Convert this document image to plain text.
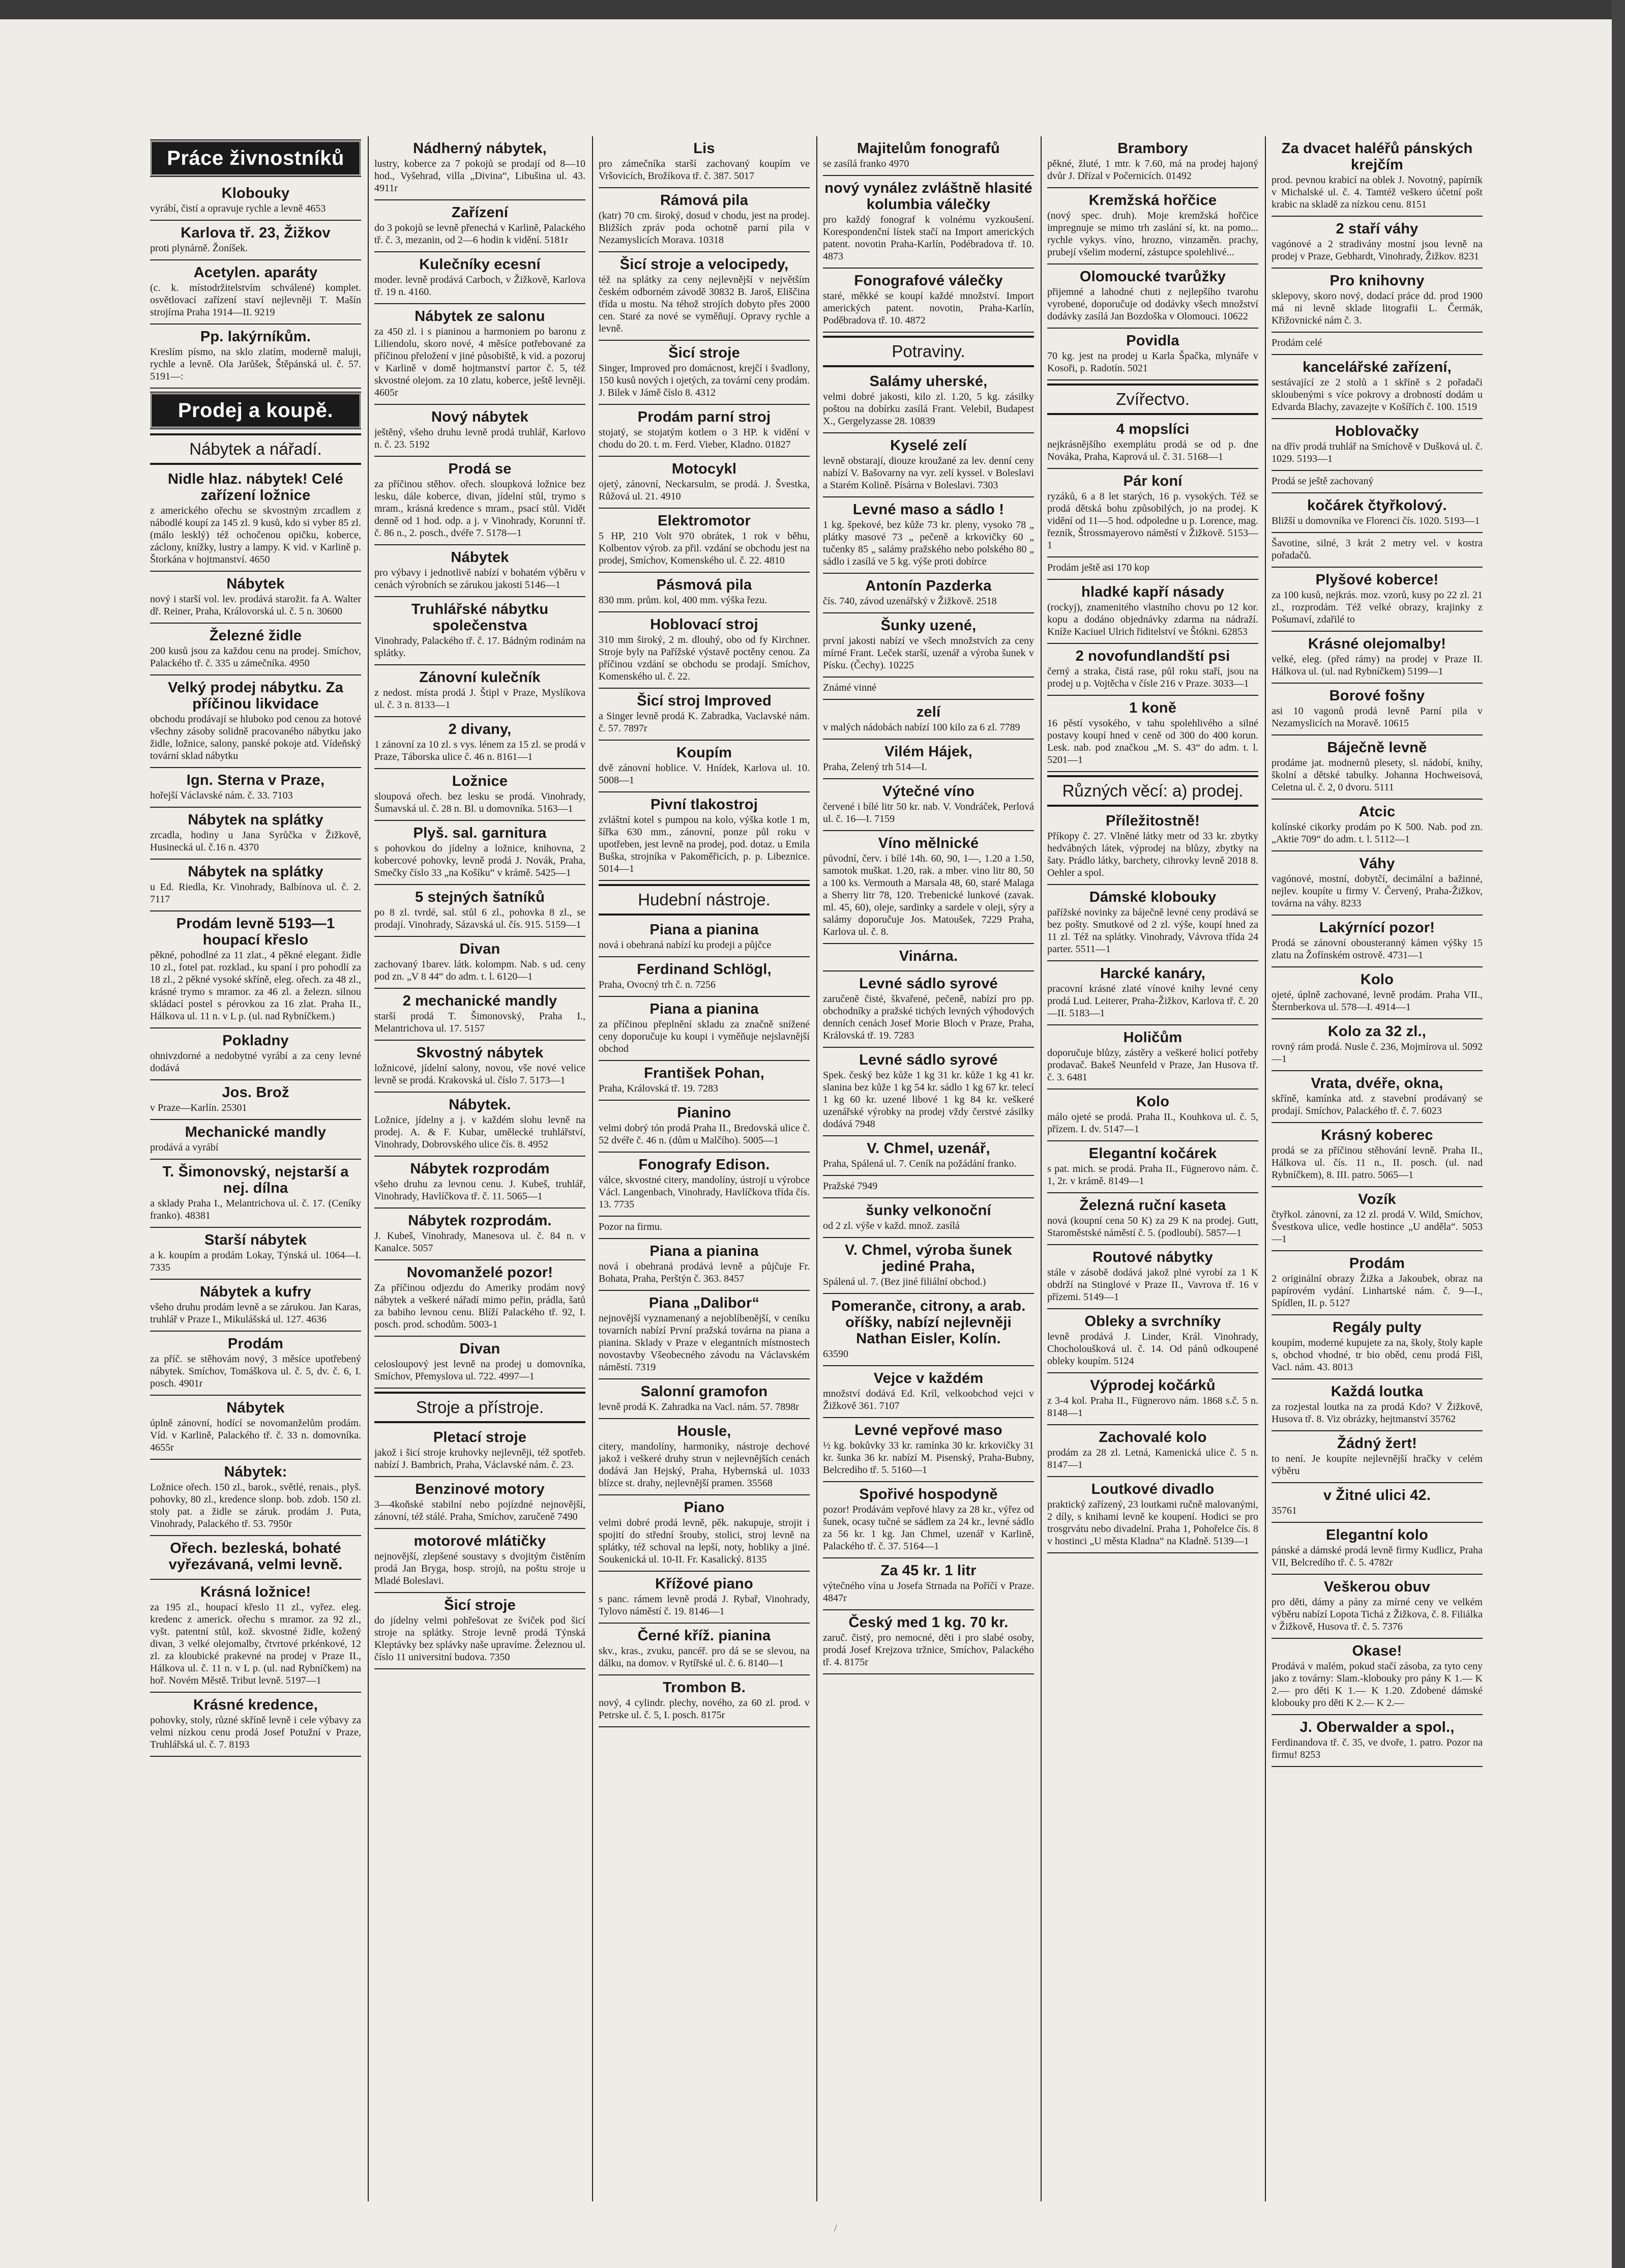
Práce živnostníků
Klobouky

vyrábí, čistí a opravuje rychle a levně 4653

Karlova tř. 23, Žižkov

proti plynárně. Žoníšek.

Acetylen. aparáty

(c. k. místodržitelstvím schválené) komplet. osvětlovací zařízení staví nejlevněji T. Mašín strojírna Praha 1914—II. 9219

Pp. lakýrníkům.

Kreslím písmo, na sklo zlatím, moderně maluji, rychle a levně. Ola Jarůšek, Štěpánská ul. č. 57. 5191—:

Prodej a koupě.
Nábytek a nářadí.
Nidle hlaz. nábytek! Celé zařízení ložnice

z amerického ořechu se skvostným zrcadlem z nábodlé koupí za 145 zl. 9 kusů, kdo si vyber 85 zl. (málo lesklý) též ochočenou opičku, koberce, záclony, knížky, lustry a lampy. K vid. v Karlině p. Štorkána v hojtmanství. 4650

Nábytek

nový i starší vol. lev. prodává starožit. fa A. Walter dř. Reiner, Praha, Královorská ul. č. 5 n. 30600

Železné židle

200 kusů jsou za každou cenu na prodej. Smíchov, Palackého tř. č. 335 u zámečníka. 4950

Velký prodej nábytku. Za příčinou likvidace

obchodu prodávají se hluboko pod cenou za hotové všechny zásoby solidně pracovaného nábytku jako židle, ložnice, salony, panské pokoje atd. Vídeňský tovární sklad nábytku

Ign. Sterna v Praze,

hořejší Václavské nám. č. 33. 7103

Nábytek na splátky

zrcadla, hodiny u Jana Syrůčka v Žižkově, Husinecká ul. č.16 n. 4370

Nábytek na splátky

u Ed. Riedla, Kr. Vinohrady, Balbínova ul. č. 2. 7117

Prodám levně 5193—1 houpací křeslo

pěkné, pohodlné za 11 zlat., 4 pěkné elegant. židle 10 zl., fotel pat. rozklad., ku spaní i pro pohodlí za 18 zl., 2 pěkné vysoké skříně, eleg. ořech. za 48 zl., krásné trymo s mramor. za 46 zl. a železn. silnou skládací postel s pérovkou za 16 zlat. Praha II., Hálkova ul. 11 n. v L p. (ul. nad Rybníčkem.)

Pokladny

ohnivzdorné a nedobytné vyrábí a za ceny levné dodává

Jos. Brož

v Praze—Karlín. 25301

Mechanické mandly

prodává a vyrábí

T. Šimonovský, nejstarší a nej. dílna

a sklady Praha I., Melantrichova ul. č. 17. (Ceníky franko). 48381

Starší nábytek

a k. koupím a prodám Lokay, Týnská ul. 1064—I. 7335

Nábytek a kufry

všeho druhu prodám levně a se zárukou. Jan Karas, truhlář v Praze I., Mikulášská ul. 127. 4636

Prodám

za příč. se stěhovám nový, 3 měsíce upotřebený nábytek. Smíchov, Tomáškova ul. č. 5, dv. č. 6, I. posch. 4901r

Nábytek

úplně zánovní, hodící se novomanželům prodám. Víd. v Karlině, Palackého tř. č. 33 n. domovníka. 4655r

Nábytek:

Ložnice ořech. 150 zl., barok., světlé, renais., plyš. pohovky, 80 zl., kredence slonp. bob. zdob. 150 zl. stoly pat. a židle se záruk. prodám J. Puta, Vinohrady, Palackého tř. 53. 7950r

Ořech. bezleská, bohaté vyřezávaná, velmi levně.
Krásná ložnice!

za 195 zl., houpací křeslo 11 zl., vyřez. eleg. kredenc z americk. ořechu s mramor. za 92 zl., vyšt. patentní stůl, kož. skvostné židle, kožený divan, 3 velké olejomalby, čtvrtové prkénkové, 12 zl. za kloubické prakevné na prodej v Praze II., Hálkova ul. č. 11 n. v L p. (ul. nad Rybníčkem) na hoř. Novém Městě. Tribut levně. 5197—1

Krásné kredence,

pohovky, stoly, různé skříně levně i cele výbavy za velmi nízkou cenu prodá Josef Potužní v Praze, Truhlářská ul. č. 7. 8193

Nádherný nábytek,

lustry, koberce za 7 pokojů se prodají od 8—10 hod., Vyšehrad, villa „Divina“, Libušina ul. 43. 4911r

Zařízení

do 3 pokojů se levně přenechá v Karlině, Palackého tř. č. 3, mezanin, od 2—6 hodin k vidění. 5181r

Kulečníky ecesní

moder. levně prodává Carboch, v Žižkově, Karlova tř. 19 n. 4160.

Nábytek ze salonu

za 450 zl. i s pianinou a harmoniem po baronu z Liliendolu, skoro nové, 4 měsíce potřebované za příčinou přeložení v jiné působiště, k vid. a pozoruj v Karlině v domě hojtmanství partor č. 5, též skvostné olejom. za 10 zlatu, koberce, ještě levněji. 4605r

Nový nábytek

ještěný, všeho druhu levně prodá truhlář, Karlovo n. č. 23. 5192

Prodá se

za příčinou stěhov. ořech. sloupková ložnice bez lesku, dále koberce, divan, jídelní stůl, trymo s mram., krásná kredence s mram., psací stůl. Vidět denně od 1 hod. odp. a j. v Vinohrady, Korunní tř. č. 86 n., 2. posch., dvéře 7. 5178—1

Nábytek

pro výbavy i jednotlivě nabízí v bohatém výběru v cenách výrobních se zárukou jakosti 5146—1

Truhlářské nábytku společenstva

Vinohrady, Palackého tř. č. 17. Bádným rodinám na splátky.

Zánovní kulečník

z nedost. místa prodá J. Štipl v Praze, Myslíkova ul. č. 3 n. 8133—1

2 divany,

1 zánovní za 10 zl. s vys. lénem za 15 zl. se prodá v Praze, Táborska ulice č. 46 n. 8161—1

Ložnice

sloupová ořech. bez lesku se prodá. Vinohrady, Šumavská ul. č. 28 n. Bl. u domovníka. 5163—1

Plyš. sal. garnitura

s pohovkou do jídelny a ložnice, knihovna, 2 kobercové pohovky, levně prodá J. Novák, Praha, Smečky číslo 33 „na Košíku“ v krámě. 5425—1

5 stejných šatníků

po 8 zl. tvrdé, sal. stůl 6 zl., pohovka 8 zl., se prodají. Vinohrady, Sázavská ul. čís. 915. 5159—1

Divan

zachovaný 1barev. látk. kolompm. Nab. s ud. ceny pod zn. „V 8 44“ do adm. t. l. 6120—1

2 mechanické mandly

starší prodá T. Šimonovský, Praha I., Melantrichova ul. 17. 5157

Skvostný nábytek

ložnicové, jídelní salony, novou, vše nové velice levně se prodá. Krakovská ul. číslo 7. 5173—1

Nábytek.

Ložnice, jídelny a j. v každém slohu levně na prodej. A. & F. Kubar, umělecké truhlářství, Vinohrady, Dobrovského ulice čís. 8. 4952

Nábytek rozprodám

všeho druhu za levnou cenu. J. Kubeš, truhlář, Vinohrady, Havlíčkova tř. č. 11. 5065—1

Nábytek rozprodám.

J. Kubeš, Vinohrady, Manesova ul. č. 84 n. v Kanalce. 5057

Novomanželé pozor!

Za příčinou odjezdu do Ameriky prodám nový nábytek a veškeré nářadí mimo peřin, prádla, šatů za babiho levnou cenu. Blíží Palackého tř. 92, I. posch. prod. schodům. 5003-1

Divan

celosloupový jest levně na prodej u domovníka, Smíchov, Přemyslova ul. 722. 4997—1

Stroje a přístroje.
Pletací stroje

jakož i šicí stroje kruhovky nejlevněji, též spotřeb. nabízí J. Bambrich, Praha, Václavské nám. č. 23.

Benzinové motory

3—4koňské stabilní nebo pojízdné nejnovější, zánovní, též stálé. Praha, Smíchov, zaručeně 7490

motorové mlátičky

nejnovější, zlepšené soustavy s dvojitým čistěním prodá Jan Bryga, hosp. strojů, na poštu stroje u Mladé Boleslavi.

Šicí stroje

do jídelny velmi pohřešovat ze šviček pod šicí stroje na splátky. Stroje levně prodá Týnská Kleptávky bez splávky naše upravíme. Železnou ul. číslo 11 universitní budova. 7350

Lis

pro zámečníka starší zachovaný koupím ve Vršovicích, Brožíkova tř. č. 387. 5017

Rámová pila

(katr) 70 cm. široký, dosud v chodu, jest na prodej. Bližších zpráv poda ochotně parní pila v Nezamyslicích Morava. 10318

Šicí stroje a velocipedy,

též na splátky za ceny nejlevnější v největším českém odborném závodě 30832 B. Jaroš, Eliščina třída u mostu. Na téhož strojích dobyto přes 2000 cen. Staré za nové se vyměňují. Opravy rychle a levně.

Šicí stroje

Singer, Improved pro domácnost, krejčí i švadlony, 150 kusů nových i ojetých, za tovární ceny prodám. J. Bilek v Jámě číslo 8. 4312

Prodám parní stroj

stojatý, se stojatým kotlem o 3 HP. k vidění v chodu do 20. t. m. Ferd. Vieber, Kladno. 01827

Motocykl

ojetý, zánovní, Neckarsulm, se prodá. J. Švestka, Růžová ul. 21. 4910

Elektromotor

5 HP, 210 Volt 970 obrátek, 1 rok v běhu, Kolbentov výrob. za přil. vzdání se obchodu jest na prodej, Smíchov, Komenského ul. č. 22. 4810

Pásmová pila

830 mm. prům. kol, 400 mm. výška řezu.

Hoblovací stroj

310 mm široký, 2 m. dlouhý, obo od fy Kirchner. Stroje byly na Pařížské výstavě poctěny cenou. Za příčinou vzdání se obchodu se prodají. Smíchov, Komenského ul. č. 22.

Šicí stroj Improved

a Singer levně prodá K. Zabradka, Vaclavské nám. č. 57. 7897r

Koupím

dvě zánovní hoblice. V. Hnídek, Karlova ul. 10. 5008—1

Pivní tlakostroj

zvláštní kotel s pumpou na kolo, výška kotle 1 m, šířka 630 mm., zánovní, ponze půl roku v upotřeben, jest levně na prodej, pod. dotaz. u Emila Buška, strojníka v Pakoměřicích, p. p. Libeznice. 5014—1

Hudební nástroje.
Piana a pianina

nová i obehraná nabízí ku prodeji a půjčce

Ferdinand Schlögl,

Praha, Ovocný trh č. n. 7256

Piana a pianina

za příčinou přeplnění skladu za značně snížené ceny doporučuje ku koupi i vyměňuje nejslavnější obchod

František Pohan,

Praha, Královská tř. 19. 7283

Pianino

velmi dobrý tón prodá Praha II., Bredovská ulice č. 52 dvéře č. 46 n. (dům u Malčího). 5005—1

Fonografy Edison.

válce, skvostné citery, mandolíny, ústrojí u výrobce Václ. Langenbach, Vinohrady, Havlíčkova třída čís. 13. 7735

Pozor na firmu.

Piana a pianina

nová i obehraná prodává levně a půjčuje Fr. Bohata, Praha, Perštýn č. 363. 8457

Piana „Dalibor“

nejnovější vyznamenaný a nejoblíbenější, v ceníku tovarních nabízí První pražská továrna na piana a pianina. Sklady v Praze v elegantních místnostech novostavby Všeobecného závodu na Václavském náměstí. 7319

Salonní gramofon

levně prodá K. Zahradka na Vacl. nám. 57. 7898r

Housle,

citery, mandolíny, harmoniky, nástroje dechové jakož i veškeré druhy strun v nejlevnějších cenách dodává Jan Hejský, Praha, Hybernská ul. 1033 blízce st. drahy, nejlevnější pramen. 35568

Piano

velmi dobré prodá levně, pěk. nakupuje, strojit i spojití do střední šrouby, stolici, stroj levně na splátky, též schoval na lepší, noty, hobliky a jiné. Soukenická ul. 10-II. Fr. Kasalický. 8135

Křížové piano

s panc. rámem levně prodá J. Rybař, Vinohrady, Tylovo náměstí č. 19. 8146—1

Černé kříž. pianina

skv., kras., zvuku, pancéř. pro dá se se slevou, na dálku, na domov. v Rytířské ul. č. 6. 8140—1

Trombon B.

nový, 4 cylindr. plechy, nového, za 60 zl. prod. v Petrske ul. č. 5, I. posch. 8175r

Majitelům fonografů

se zasílá franko 4970

nový vynález zvláštně hlasité kolumbia válečky

pro každý fonograf k volnému vyzkoušení. Korespondenční lístek stačí na Import amerických patent. novotin Praha-Karlín, Podébradova tř. 10. 4873

Fonografové válečky

staré, měkké se koupí každé množství. Import amerických patent. novotin, Praha-Karlín, Poděbradova tř. 10. 4872

Potraviny.
Salámy uherské,

velmi dobré jakosti, kilo zl. 1.20, 5 kg. zásilky poštou na dobírku zasílá Frant. Velebil, Budapest X., Gergelyzasse 28. 10839

Kyselé zelí

levně obstarají, diouze kroužané za lev. denní ceny nabízí V. Bašovarny na vyr. zelí kyssel. v Boleslavi a Starém Kolině. Písárna v Boleslavi. 7303

Levné maso a sádlo !

1 kg. špekové, bez kůže 73 kr. pleny, vysoko 78 „ plátky masové 73 „ pečeně a krkovičky 60 „ tučenky 85 „ salámy pražského nebo polského 80 „ sádlo i zasílá ve 5 kg. výše proti dobírce

Antonín Pazderka

čís. 740, závod uzenářský v Žižkově. 2518

Šunky uzené,

první jakosti nabízí ve všech množstvích za ceny mírné Frant. Leček starší, uzenář a výroba šunek v Písku. (Čechy). 10225

Známé vinné

zelí

v malých nádobách nabízí 100 kilo za 6 zl. 7789

Vilém Hájek,

Praha, Zelený trh 514—I.

Výtečné víno

červené i bílé litr 50 kr. nab. V. Vondráček, Perlová ul. č. 16—I. 7159

Víno mělnické

původní, červ. i bílé 14h. 60, 90, 1—, 1.20 a 1.50, samotok muškat. 1.20, rak. a mber. vino litr 80, 50 a 100 ks. Vermouth a Marsala 48, 60, staré Malaga a Sherry litr 78, 120. Trebenické lunkové (zavak. ml. 45, 60), oleje, sardinky a sardele v oleji, sýry a salámy doporučuje Jos. Matoušek, 7229 Praha, Karlova ul. č. 8.

Vinárna.
Levné sádlo syrové

zaručeně čisté, škvařené, pečeně, nabízí pro pp. obchodníky a pražské tichých levných výhodových denních cenách Josef Morie Bloch v Praze, Praha, Královská tř. 19. 7283

Levné sádlo syrové

Spek. český bez kůže 1 kg 31 kr. kůže 1 kg 41 kr. slanina bez kůže 1 kg 54 kr. sádlo 1 kg 67 kr. telecí 1 kg 60 kr. uzené libové 1 kg 84 kr. veškeré uzenářské výrobky na prodej vždy čerstvé zásilky dodává 7948

V. Chmel, uzenář,

Praha, Spálená ul. 7. Ceník na požádání franko.

Pražské 7949

šunky velkonoční

od 2 zl. výše v každ. množ. zasílá

V. Chmel, výroba šunek jediné Praha,

Spálená ul. 7. (Bez jiné filiální obchod.)

Pomeranče, citrony, a arab. oříšky, nabízí nejlevněji Nathan Eisler, Kolín.

63590

Vejce v každém

množství dodává Ed. Kríl, velkoobchod vejci v Žižkově 361. 7107

Levné vepřové maso

½ kg. bokůvky 33 kr. ramínka 30 kr. krkovičky 31 kr. šunka 36 kr. nabízí M. Pisenský, Praha-Bubny, Belcrediho tř. 5. 5160—1

Spořivé hospodyně

pozor! Prodávám vepřové hlavy za 28 kr., výřez od šunek, ocasy tučné se sádlem za 24 kr., levné sádlo za 56 kr. 1 kg. Jan Chmel, uzenář v Karlině, Palackého tř. č. 37. 5164—1

Za 45 kr. 1 litr

výtečného vína u Josefa Strnada na Poříčí v Praze. 4847r

Český med 1 kg. 70 kr.

zaruč. čistý, pro nemocné, děti i pro slabé osoby, prodá Josef Krejzova tržnice, Smíchov, Palackého tř. 4. 8175r

Brambory

pěkné, žluté, 1 mtr. k 7.60, má na prodej hajoný dvůr J. Dřízal v Počernicích. 01492

Kremžská hořčice

(nový spec. druh). Moje kremžská hořčice impregnuje se mimo trh zaslání sí, kt. na pomo... rychle vykys. víno, hrozno, vinzaměn. prachy, prubejí všelim moderní, zástupce spolehlivé...

Olomoucké tvarůžky

přijemné a lahodné chuti z nejlepšího tvarohu vyrobené, doporučuje od dodávky všech množství dodávky zasílá Jan Bozdoška v Olomouci. 10622

Povidla

70 kg. jest na prodej u Karla Špačka, mlynáře v Kosoři, p. Radotín. 5021

Zvířectvo.
4 mopslíci

nejkrásnějšího exemplátu prodá se od p. dne Nováka, Praha, Kaprová ul. č. 31. 5168—1

Pár koní

ryzáků, 6 a 8 let starých, 16 p. vysokých. Též se prodá dětská bohu způsobilých, jo na prodej. K vidění od 11—5 hod. odpoledne u p. Lorence, mag. řezník, Štrossmayerovo náměstí v Žižkově. 5153—1

Prodám ještě asi 170 kop

hladké kapří násady

(rockyj), znamenitého vlastního chovu po 12 kor. kopu a dodáno objednávky zdarma na nádraží. Kníže Kaciuel Ulrich řiditelství ve Štókni. 62853

2 novofundlandští psi

černý a straka, čistá rase, půl roku staří, jsou na prodej u p. Vojtěcha v čísle 216 v Praze. 3033—1

1 koně

16 pěstí vysokého, v tahu spolehlivého a silné postavy koupí hned v ceně od 300 do 400 korun. Lesk. nab. pod značkou „M. S. 43“ do adm. t. l. 5201—1

Různých věcí: a) prodej.
Příležitostně!

Příkopy č. 27. Vlněné látky metr od 33 kr. zbytky hedvábných látek, výprodej na blůzy, zbytky na šaty. Prádlo látky, barchety, cihrovky levně 2018 8. Oehler a spol.

Dámské klobouky

pařížské novinky za báječně levné ceny prodává se bez pošty. Smutkové od 2 zl. výše, koupí hned za 11 zl. Též na splátky. Vinohrady, Vávrova třída 24 parter. 5511—1

Harcké kanáry,

pracovní krásné zlaté vínové knihy levné ceny prodá Lud. Leiterer, Praha-Žižkov, Karlova tř. č. 20—II. 5183—1

Holičům

doporučuje blůzy, zástěry a veškeré holicí potřeby prodavač. Bakeš Neunfeld v Praze, Jan Husova tř. č. 3. 6481

Kolo

málo ojeté se prodá. Praha II., Kouhkova ul. č. 5, přízem. I. dv. 5147—1

Elegantní kočárek

s pat. mich. se prodá. Praha II., Fügnerovo nám. č. 1, 2r. v krámě. 8149—1

Železná ruční kaseta

nová (koupní cena 50 K) za 29 K na prodej. Gutt, Staroměstské náměstí č. 5. (podloubí). 5857—1

Routové nábytky

stále v zásobě dodává jakož plné vyrobí za 1 K obdrží na Stinglové v Praze II., Vavrova tř. 16 v přízemi. 5149—1

Obleky a svrchníky

levně prodává J. Linder, Král. Vinohrady, Chocholoušková ul. č. 14. Od pánů odkoupené obleky koupím. 5124

Výprodej kočárků

z 3-4 kol. Praha II., Fügnerovo nám. 1868 s.č. 5 n. 8148—1

Zachovalé kolo

prodám za 28 zl. Letná, Kamenická ulice č. 5 n. 8147—1

Loutkové divadlo

praktický zařízený, 23 loutkami ručně malovanými, 2 díly, s knihami levně ke koupení. Hodici se pro trosgrvátu nebo divadelní. Praha 1, Pohořelce čís. 8 v hostinci „U města Kladna“ na Kladně. 5139—1

Za dvacet haléřů pánských krejčím

prod. pevnou krabicí na oblek J. Novotný, papírník v Michalské ul. č. 4. Tamtéž veškero účetní pošt krabic na skladě za nízkou cenu. 8151

2 staří váhy

vagónové a 2 stradivány mostní jsou levně na prodej v Praze, Gebhardt, Vinohrady, Žižkov. 8231

Pro knihovny

sklepovy, skoro nový, dodací práce dd. prod 1900 má ni levně sklade litografii L. Čermák, Křižovnické nám č. 3.

Prodám celé

kancelářské zařízení,

sestávající ze 2 stolů a 1 skříně s 2 pořadači skloubenými s více pokrovy a drobností dodám u Edvarda Blachy, zavazejte v Košířích č. 100. 1519

Hoblovačky

na dřív prodá truhlář na Smíchově v Dušková ul. č. 1029. 5193—1

Prodá se ještě zachovaný

kočárek čtyřkolový.

Bližší u domovníka ve Florenci čís. 1020. 5193—1

Šavotine, silné, 3 krát 2 metry vel. v kostra pořadačů.

Plyšové koberce!

za 100 kusů, nejkrás. moz. vzorů, kusy po 22 zl. 21 zl., rozprodám. Též velké obrazy, krajinky z Pošumaví, zdařilé to

Krásné olejomalby!

velké, eleg. (před rámy) na prodej v Praze II. Hálkova ul. (ul. nad Rybníčkem) 5199—1

Borové fošny

asi 10 vagonů prodá levně Parní pila v Nezamyslicích na Moravě. 10615

Báječně levně

prodáme jat. modnernů plesety, sl. nádobí, knihy, školní a dětské tabulky. Johanna Hochweisová, Celetna ul. č. 2, 0 dvoru. 5111

Atcic

kolínské cikorky prodám po K 500. Nab. pod zn. „Aktie 709“ do adm. t. l. 5112—1

Váhy

vagónové, mostní, dobytčí, decimální a bažinné, nejlev. koupíte u firmy V. Červený, Praha-Žižkov, továrna na váhy. 8233

Lakýrnící pozor!

Prodá se zánovní obousteranný kámen výšky 15 zlatu na Žofínském ostrově. 4731—1

Kolo

ojeté, úplně zachované, levně prodám. Praha VII., Šternberkova ul. 578—I. 4914—1

Kolo za 32 zl.,

rovný rám prodá. Nusle č. 236, Mojmírova ul. 5092—1

Vrata, dvéře, okna,

skříně, kamínka atd. z stavební prodávaný se prodají. Smíchov, Palackého tř. č. 7. 6023

Krásný koberec

prodá se za příčinou stěhování levně. Praha II., Hálkova ul. čís. 11 n., II. posch. (ul. nad Rybníčkem), 8. III. patro. 5065—1

Vozík

čtyřkol. zánovní, za 12 zl. prodá V. Wild, Smíchov, Švestkova ulice, vedle hostince „U anděla“. 5053—1

Prodám

2 originální obrazy Žižka a Jakoubek, obraz na papírovém vydání. Linhartské nám. č. 9—I., Spídlen, II. p. 5127

Regály pulty

koupím, moderné kupujete za na, školy, štoly kaple s, obchod vhodné, tr bio oběd, cenu prodá Fišl, Vacl. nám. 43. 8013

Každá loutka

za rozjestal loutka na za prodá Kdo? V Žižkově, Husova tř. 8. Viz obrázky, hejtmanství 35762

Žádný žert!

to není. Je koupíte nejlevnější hračky v celém výběru

v Žitné ulici 42.

35761

Elegantní kolo

pánské a dámské prodá levně firmy Kudlicz, Praha VII, Belcredího tř. č. 5. 4782r

Veškerou obuv

pro děti, dámy a pány za mírné ceny ve velkém výběru nabízí Lopota Tichá z Žižkova, č. 8. Filiálka v Žižkově, Husova tř. č. 5. 7376

Okase!

Prodává v malém, pokud stačí zásoba, za tyto ceny jako z továrny: Slam.-klobouky pro pány K 1.— K 2.— pro děti K 1.— K 1.20. Zdobené dámské klobouky pro děti K 2.— K 2.—

J. Oberwalder a spol.,

Ferdinandova tř. č. 35, ve dvoře, 1. patro. Pozor na firmu! 8253

/
